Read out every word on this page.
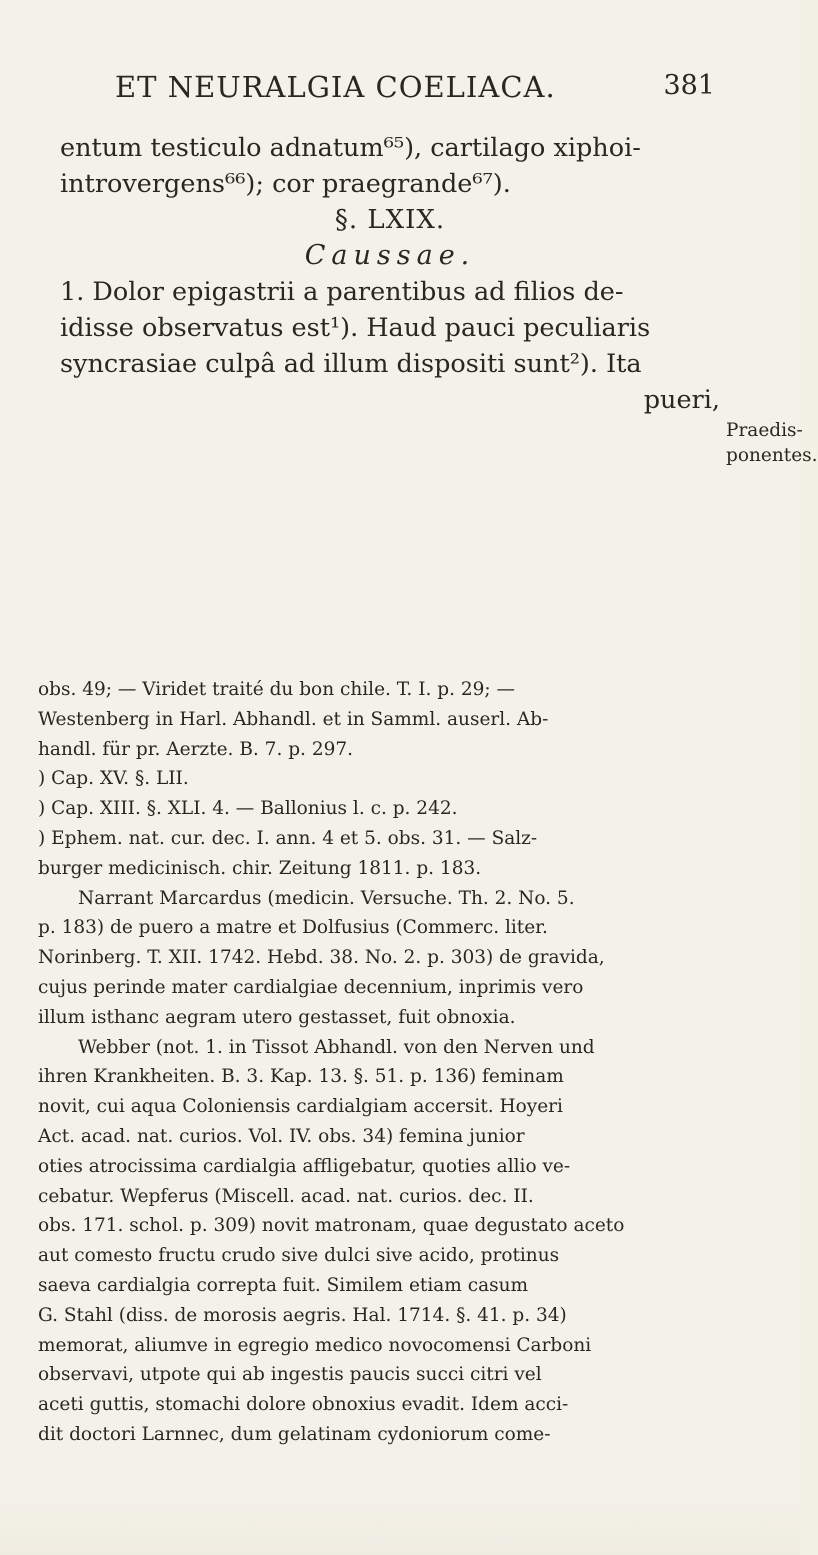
ET NEURALGIA COELIACA.	381

entum testiculo adnatum⁶⁵), cartilago xiphoi-

introvergens⁶⁶); cor praegrande⁶⁷).

§. LXIX.

Caussae.

1. Dolor epigastrii a parentibus ad filios de-

idisse observatus est¹). Haud pauci peculiaris

syncrasiae culpâ ad illum dispositi sunt²). Ita

pueri,

Praedis-
ponentes.

obs. 49; — Viridet traité du bon chile. T. I. p. 29; —

Westenberg in Harl. Abhandl. et in Samml. auserl. Ab-

handl. für pr. Aerzte. B. 7. p. 297.

) Cap. XV. §. LII.

) Cap. XIII. §. XLI. 4. — Ballonius l. c. p. 242.

) Ephem. nat. cur. dec. I. ann. 4 et 5. obs. 31. — Salz-

burger medicinisch. chir. Zeitung 1811. p. 183.

Narrant Marcardus (medicin. Versuche. Th. 2. No. 5.

p. 183) de puero a matre et Dolfusius (Commerc. liter.

Norinberg. T. XII. 1742. Hebd. 38. No. 2. p. 303) de gravida,

cujus perinde mater cardialgiae decennium, inprimis vero

illum isthanc aegram utero gestasset, fuit obnoxia.

Webber (not. 1. in Tissot Abhandl. von den Nerven und

ihren Krankheiten. B. 3. Kap. 13. §. 51. p. 136) feminam

novit, cui aqua Coloniensis cardialgiam accersit. Hoyeri

Act. acad. nat. curios. Vol. IV. obs. 34) femina junior

oties atrocissima cardialgia affligebatur, quoties allio ve-

cebatur. Wepferus (Miscell. acad. nat. curios. dec. II.

obs. 171. schol. p. 309) novit matronam, quae degustato aceto

aut comesto fructu crudo sive dulci sive acido, protinus

saeva cardialgia correpta fuit. Similem etiam casum

G. Stahl (diss. de morosis aegris. Hal. 1714. §. 41. p. 34)

memorat, aliumve in egregio medico novocomensi Carboni

observavi, utpote qui ab ingestis paucis succi citri vel

aceti guttis, stomachi dolore obnoxius evadit. Idem acci-

dit doctori Larnnec, dum gelatinam cydoniorum come-
